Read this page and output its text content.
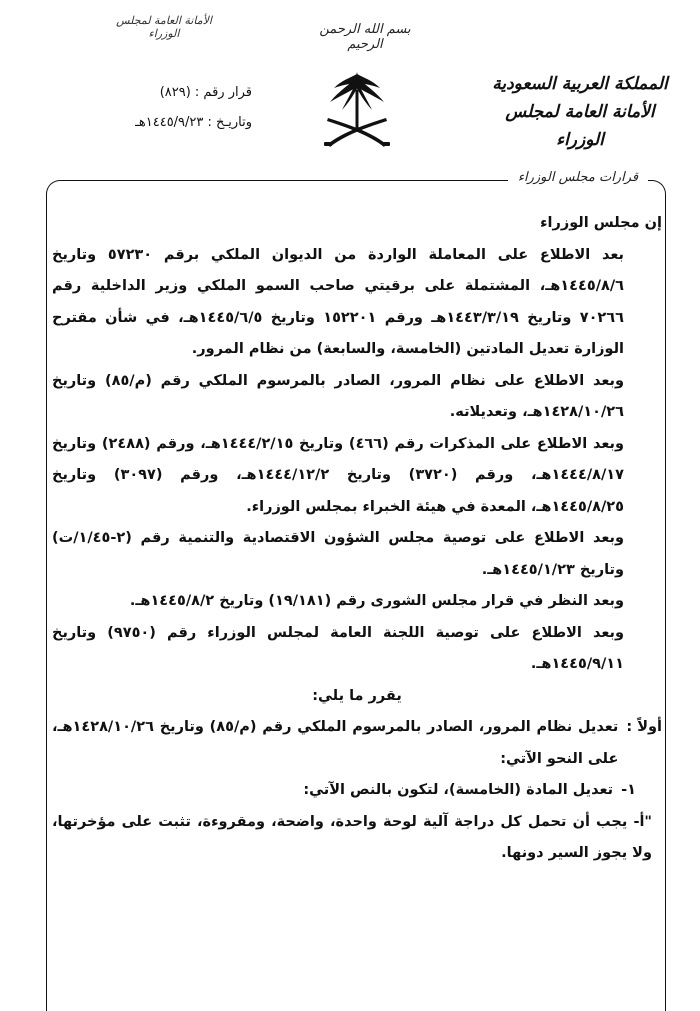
الأمانة العامة لمجلس الوزراء	بسم الله الرحمن الرحيم
قرار رقم : (٨٢٩)
وتاريـخ : ١٤٤٥/٩/٢٣هـ
المملكة العربية السعودية
الأمانة العامة لمجلس الوزراء
قرارات مجلس الوزراء

إن مجلس الوزراء

بعد الاطلاع على المعاملة الواردة من الديوان الملكي برقم ٥٧٢٣٠ وتاريخ ١٤٤٥/٨/٦هـ، المشتملة على برقيتي صاحب السمو الملكي وزير الداخلية رقم ٧٠٢٦٦ وتاريخ ١٤٤٣/٣/١٩هـ ورقم ١٥٢٢٠١ وتاريخ ١٤٤٥/٦/٥هـ، في شأن مقترح الوزارة تعديل المادتين (الخامسة، والسابعة) من نظام المرور.

وبعد الاطلاع على نظام المرور، الصادر بالمرسوم الملكي رقم (م/٨٥) وتاريخ ١٤٢٨/١٠/٢٦هـ، وتعديلاته.

وبعد الاطلاع على المذكرات رقم (٤٦٦) وتاريخ ١٤٤٤/٢/١٥هـ، ورقم (٢٤٨٨) وتاريخ ١٤٤٤/٨/١٧هـ، ورقم (٣٧٢٠) وتاريخ ١٤٤٤/١٢/٢هـ، ورقم (٣٠٩٧) وتاريخ ١٤٤٥/٨/٢٥هـ، المعدة في هيئة الخبراء بمجلس الوزراء.

وبعد الاطلاع على توصية مجلس الشؤون الاقتصادية والتنمية رقم (٢-١/٤٥/ت) وتاريخ ١٤٤٥/١/٢٣هـ.

وبعد النظر في قرار مجلس الشورى رقم (١٩/١٨١) وتاريخ ١٤٤٥/٨/٢هـ.

وبعد الاطلاع على توصية اللجنة العامة لمجلس الوزراء رقم (٩٧٥٠) وتاريخ ١٤٤٥/٩/١١هـ.

يقرر ما يلي:

أولاً :
تعديل نظام المرور، الصادر بالمرسوم الملكي رقم (م/٨٥) وتاريخ ١٤٢٨/١٠/٢٦هـ، على النحو الآتي:
١-
تعديل المادة (الخامسة)، لتكون بالنص الآتي:

"أ- يجب أن تحمل كل دراجة آلية لوحة واحدة، واضحة، ومقروءة، تثبت على مؤخرتها، ولا يجوز السير دونها.
